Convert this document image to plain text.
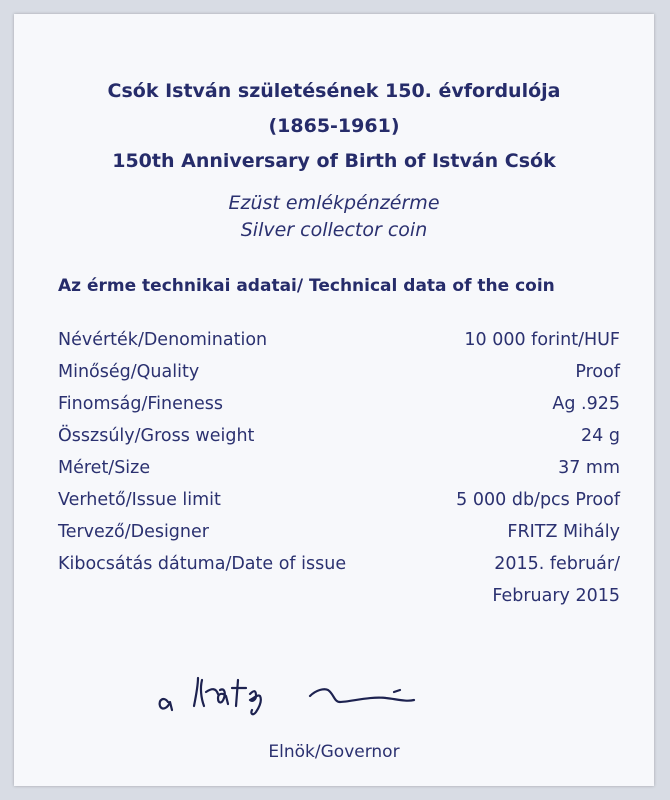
Csók István születésének 150. évfordulója
(1865-1961)
150th Anniversary of Birth of István Csók
Ezüst emlékpénzérme
Silver collector coin
Az érme technikai adatai/ Technical data of the coin
Névérték/Denomination	10 000 forint/HUF
Minőség/Quality	Proof
Finomság/Fineness	Ag .925
Összsúly/Gross weight	24 g
Méret/Size	37 mm
Verhető/Issue limit	5 000 db/pcs Proof
Tervező/Designer	FRITZ Mihály
Kibocsátás dátuma/Date of issue	2015. február/
February 2015
Elnök/Governor
